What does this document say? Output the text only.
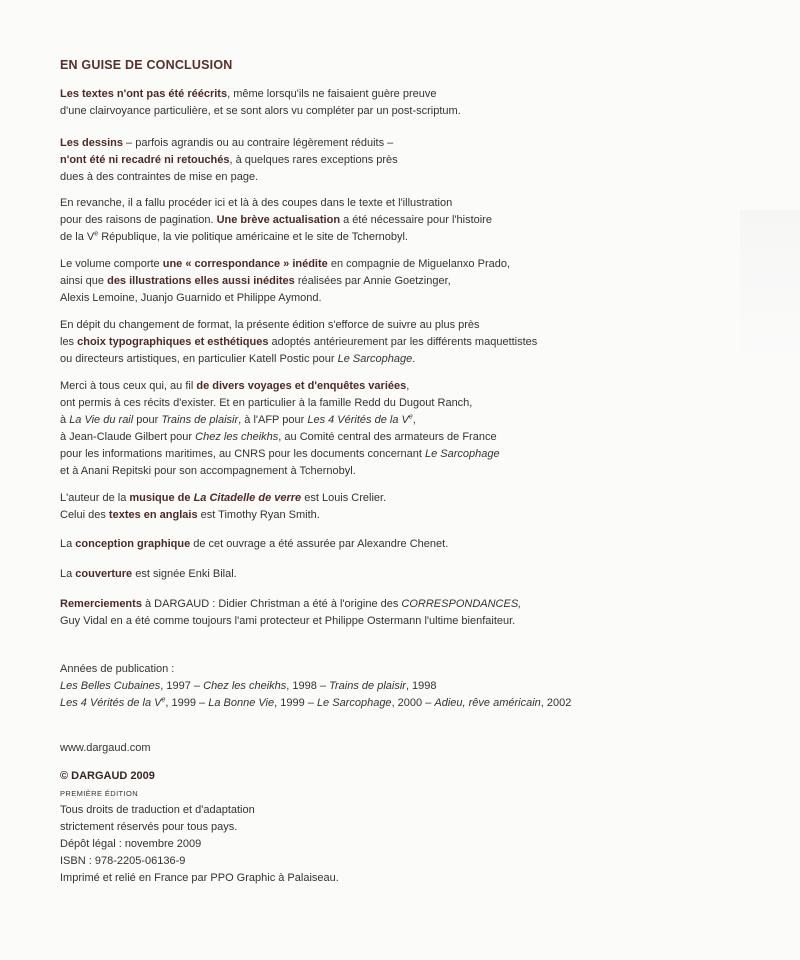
EN GUISE DE CONCLUSION
Les textes n'ont pas été réécrits, même lorsqu'ils ne faisaient guère preuve
d'une clairvoyance particulière, et se sont alors vu compléter par un post-scriptum.
Les dessins – parfois agrandis ou au contraire légèrement réduits –
n'ont été ni recadré ni retouchés, à quelques rares exceptions près
dues à des contraintes de mise en page.
En revanche, il a fallu procéder ici et là à des coupes dans le texte et l'illustration
pour des raisons de pagination. Une brève actualisation a été nécessaire pour l'histoire
de la Ve République, la vie politique américaine et le site de Tchernobyl.
Le volume comporte une « correspondance » inédite en compagnie de Miguelanxo Prado,
ainsi que des illustrations elles aussi inédites réalisées par Annie Goetzinger,
Alexis Lemoine, Juanjo Guarnido et Philippe Aymond.
En dépit du changement de format, la présente édition s'efforce de suivre au plus près
les choix typographiques et esthétiques adoptés antérieurement par les différents maquettistes
ou directeurs artistiques, en particulier Katell Postic pour Le Sarcophage.
Merci à tous ceux qui, au fil de divers voyages et d'enquêtes variées,
ont permis à ces récits d'exister. Et en particulier à la famille Redd du Dugout Ranch,
à La Vie du rail pour Trains de plaisir, à l'AFP pour Les 4 Vérités de la Ve,
à Jean-Claude Gilbert pour Chez les cheikhs, au Comité central des armateurs de France
pour les informations maritimes, au CNRS pour les documents concernant Le Sarcophage
et à Anani Repitski pour son accompagnement à Tchernobyl.
L'auteur de la musique de La Citadelle de verre est Louis Crelier.
Celui des textes en anglais est Timothy Ryan Smith.
La conception graphique de cet ouvrage a été assurée par Alexandre Chenet.
La couverture est signée Enki Bilal.
Remerciements à DARGAUD : Didier Christman a été à l'origine des CORRESPONDANCES,
Guy Vidal en a été comme toujours l'ami protecteur et Philippe Ostermann l'ultime bienfaiteur.
Années de publication :
Les Belles Cubaines, 1997 – Chez les cheikhs, 1998 – Trains de plaisir, 1998
Les 4 Vérités de la Ve, 1999 – La Bonne Vie, 1999 – Le Sarcophage, 2000 – Adieu, rêve américain, 2002
www.dargaud.com
© DARGAUD 2009
PREMIÈRE ÉDITION
Tous droits de traduction et d'adaptation
strictement réservés pour tous pays.
Dépôt légal : novembre 2009
ISBN : 978-2205-06136-9
Imprimé et relié en France par PPO Graphic à Palaiseau.
